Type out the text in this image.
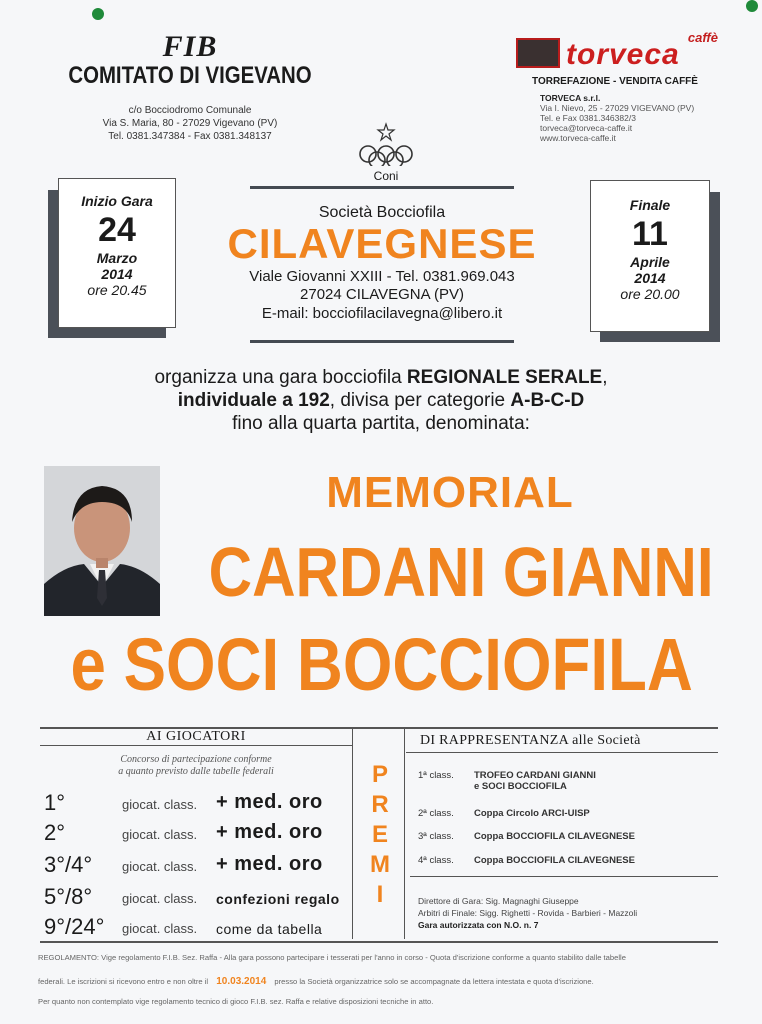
FIB
COMITATO DI VIGEVANO
c/o Bocciodromo Comunale
Via S. Maria, 80 - 27029 Vigevano (PV)
Tel. 0381.347384 - Fax 0381.348137
caffè
torveca
TORREFAZIONE - VENDITA CAFFÈ
TORVECA s.r.l.
Via I. Nievo, 25 - 27029 VIGEVANO (PV)
Tel. e Fax 0381.346382/3
torveca@torveca-caffe.it
www.torveca-caffe.it
Coni
Inizio Gara
24
Marzo
2014
ore 20.45
Finale
11
Aprile
2014
ore 20.00
Società Bocciofila
CILAVEGNESE
Viale Giovanni XXIII - Tel. 0381.969.043
27024 CILAVEGNA (PV)
E-mail: bocciofilacilavegna@libero.it
organizza una gara bocciofila REGIONALE SERALE,
individuale a 192, divisa per categorie A-B-C-D
fino alla quarta partita, denominata:
MEMORIAL
CARDANI GIANNI
e SOCI BOCCIOFILA
AI GIOCATORI
Concorso di partecipazione conforme
a quanto previsto dalle tabelle federali
1°	giocat. class. + med. oro
2°	giocat. class. + med. oro
3°/4° giocat. class. + med. oro
5°/8° giocat. class. confezioni regalo
9°/24° giocat. class. come da tabella
P
R
E
M
I
DI RAPPRESENTANZA alle Società
1ª class. TROFEO CARDANI GIANNI
e SOCI BOCCIOFILA
2ª class. Coppa Circolo ARCI-UISP
3ª class. Coppa BOCCIOFILA CILAVEGNESE
4ª class. Coppa BOCCIOFILA CILAVEGNESE
Direttore di Gara: Sig. Magnaghi Giuseppe
Arbitri di Finale: Sigg. Righetti - Rovida - Barbieri - Mazzoli
Gara autorizzata con N.O. n. 7
REGOLAMENTO: Vige regolamento F.I.B. Sez. Raffa - Alla gara possono partecipare i tesserati per l'anno in corso - Quota d'iscrizione conforme a quanto stabilito dalle tabelle
federali. Le iscrizioni si ricevono entro e non oltre il 10.03.2014 presso la Società organizzatrice solo se accompagnate da lettera intestata e quota d'iscrizione.
Per quanto non contemplato vige regolamento tecnico di gioco F.I.B. sez. Raffa e relative disposizioni tecniche in atto.
